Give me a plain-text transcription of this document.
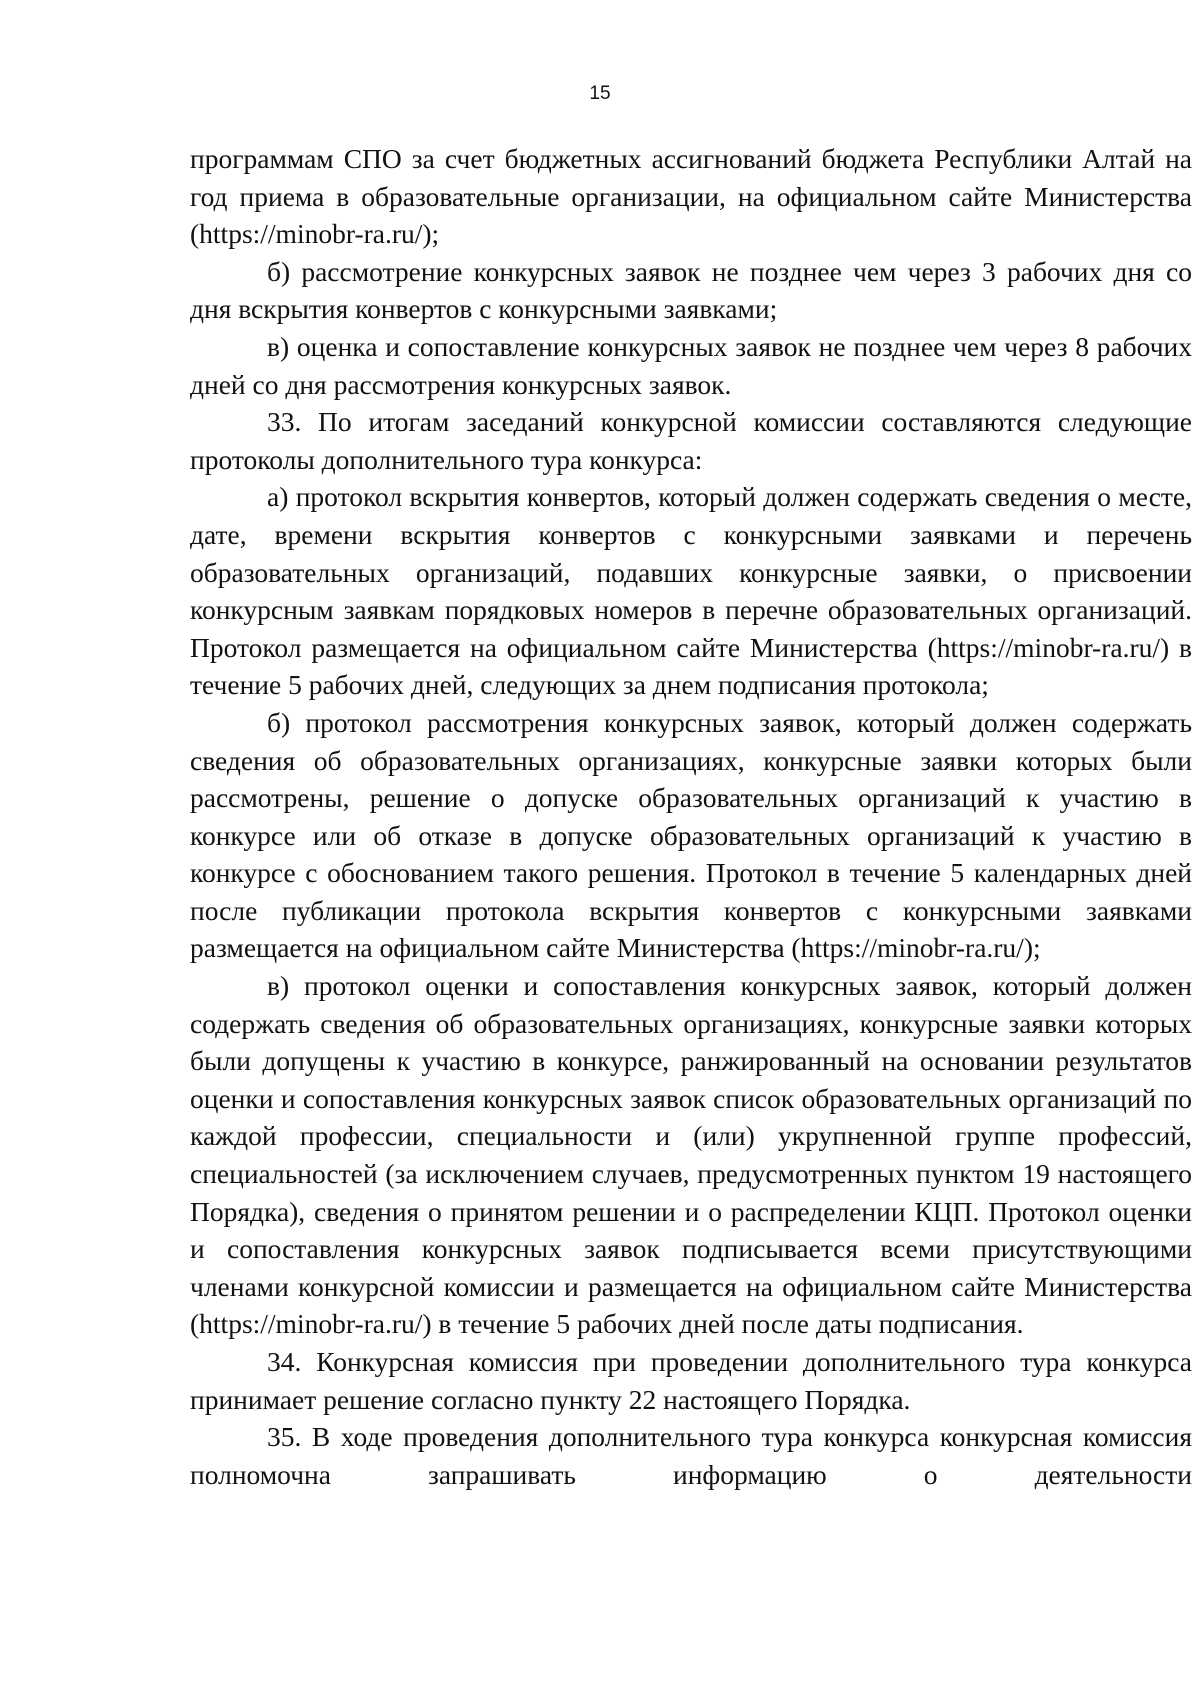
15

программам СПО за счет бюджетных ассигнований бюджета Республики Алтай на год приема в образовательные организации, на официальном сайте Министерства (https://minobr-ra.ru/);

б) рассмотрение конкурсных заявок не позднее чем через 3 рабочих дня со дня вскрытия конвертов с конкурсными заявками;

в) оценка и сопоставление конкурсных заявок не позднее чем через 8 рабочих дней со дня рассмотрения конкурсных заявок.

33. По итогам заседаний конкурсной комиссии составляются следующие протоколы дополнительного тура конкурса:

а) протокол вскрытия конвертов, который должен содержать сведения о месте, дате, времени вскрытия конвертов с конкурсными заявками и перечень образовательных организаций, подавших конкурсные заявки, о присвоении конкурсным заявкам порядковых номеров в перечне образовательных организаций. Протокол размещается на официальном сайте Министерства (https://minobr-ra.ru/) в течение 5 рабочих дней, следующих за днем подписания протокола;

б) протокол рассмотрения конкурсных заявок, который должен содержать сведения об образовательных организациях, конкурсные заявки которых были рассмотрены, решение о допуске образовательных организаций к участию в конкурсе или об отказе в допуске образовательных организаций к участию в конкурсе с обоснованием такого решения. Протокол в течение 5 календарных дней после публикации протокола вскрытия конвертов с конкурсными заявками размещается на официальном сайте Министерства (https://minobr-ra.ru/);

в) протокол оценки и сопоставления конкурсных заявок, который должен содержать сведения об образовательных организациях, конкурсные заявки которых были допущены к участию в конкурсе, ранжированный на основании результатов оценки и сопоставления конкурсных заявок список образовательных организаций по каждой профессии, специальности и (или) укрупненной группе профессий, специальностей (за исключением случаев, предусмотренных пунктом 19 настоящего Порядка), сведения о принятом решении и о распределении КЦП. Протокол оценки и сопоставления конкурсных заявок подписывается всеми присутствующими членами конкурсной комиссии и размещается на официальном сайте Министерства (https://minobr-ra.ru/) в течение 5 рабочих дней после даты подписания.

34. Конкурсная комиссия при проведении дополнительного тура конкурса принимает решение согласно пункту 22 настоящего Порядка.

35. В ходе проведения дополнительного тура конкурса конкурсная комиссия полномочна запрашивать информацию о деятельности
